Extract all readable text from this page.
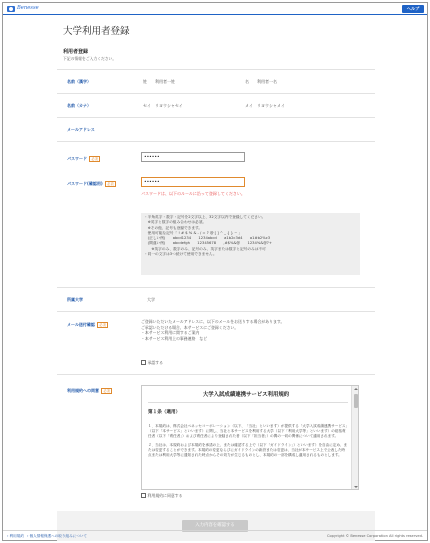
Benesse	ヘルプ
大学利用者登録
利用者登録
下記の情報をご入力ください。
名前（漢字）	姓 利用者一姓	名 利用者一名
名前（カナ）	セイ リヨウシャセイ	メイ リヨウシャメイ
メールアドレス
パスワード	必須	••••••
パスワード(確認用)	必須	••••••
パスワードは、以下のルールに沿って登録してください。
・半角英字・数字・記号を2文字以上、32文字以内で登録してください。
　※英字と数字の組み合わせは必須。
　※その他、記号も登録できます。
　使用可能な記号「 ! # $ % & - / = ? @ [ ] ^ _ { } ~ 」
　(正しい例)　　abcd1234　　1234abcd　　a1b2c3d4　　a1#b2%c3
　(間違い例)　　abcdefgh　　12345678　　,#$%&@　　1234%&@?+
　　※英字のみ、数字のみ、記号のみ、英字または数字と記号のみは不可
・同一の文字は3つ続けて使用できません。
所属大学	大学
メール送付確認	必須
ご登録いただいたメールアドレスに、以下のメールをお送りする場合があります。
ご承認いただける場合、本サービスにご登録ください。
・本サービス利用に関するご案内
・本サービス利用上の事務連絡　など
承認する
利用規約への同意	必須
大学入試成績連携サービス利用規約
第１条（適用）

１．本規約は、株式会社ベネッセコーポレーション（以下、「当社」といいます）が提供する「大学入試成績連携サービス」（以下「本サービス」といいます）に関し、当社と本サービスを利用する大学（以下「利用大学等」といいます）の総括責任者（以下「責任者」）および責任者により登録された者（以下「担当者」）の間の一切の関係について適用されます。

２．当社は、本規約および本規約を承諾の上、または確認する上で（以下「ガイドライン」）といいます）を自由に定め、または変更することができます。本規約の変更ならびにガイドラインの新設または変更は、当社が本サービス上で公表した時点または利用大学等に通知された時点からその効力が生じるものとし、本規約の一部を構成し適用されるものとします。

利用規約に同意する
入力内容を確認する
› 利用規約 › 個人情報保護への取り組みについて	Copyright © Benesse Corporation All rights reserved.
